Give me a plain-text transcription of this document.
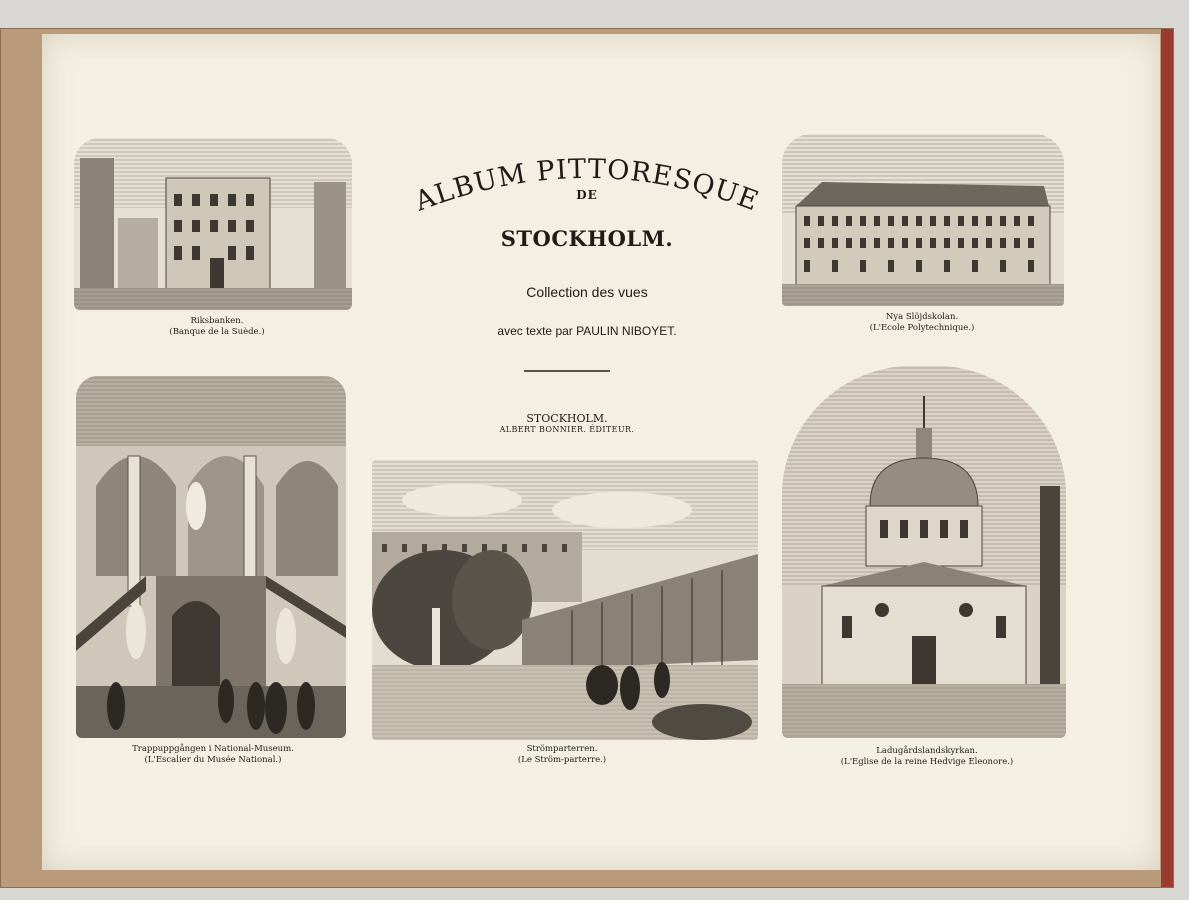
ALBUM PITTORESQUE
DE
STOCKHOLM.
Collection des vues
avec texte par PAULIN NIBOYET.
STOCKHOLM.
ALBERT BONNIER. ÉDITEUR.
Riksbanken.
(Banque de la Suède.)
Nya Slöjdskolan.
(L'Ecole Polytechnique.)
Trappuppgången i National-Museum.
(L'Escalier du Musée National.)
Strömparterren.
(Le Ström-parterre.)
Ladugårdslandskyrkan.
(L'Eglise de la reine Hedvige Eleonore.)
